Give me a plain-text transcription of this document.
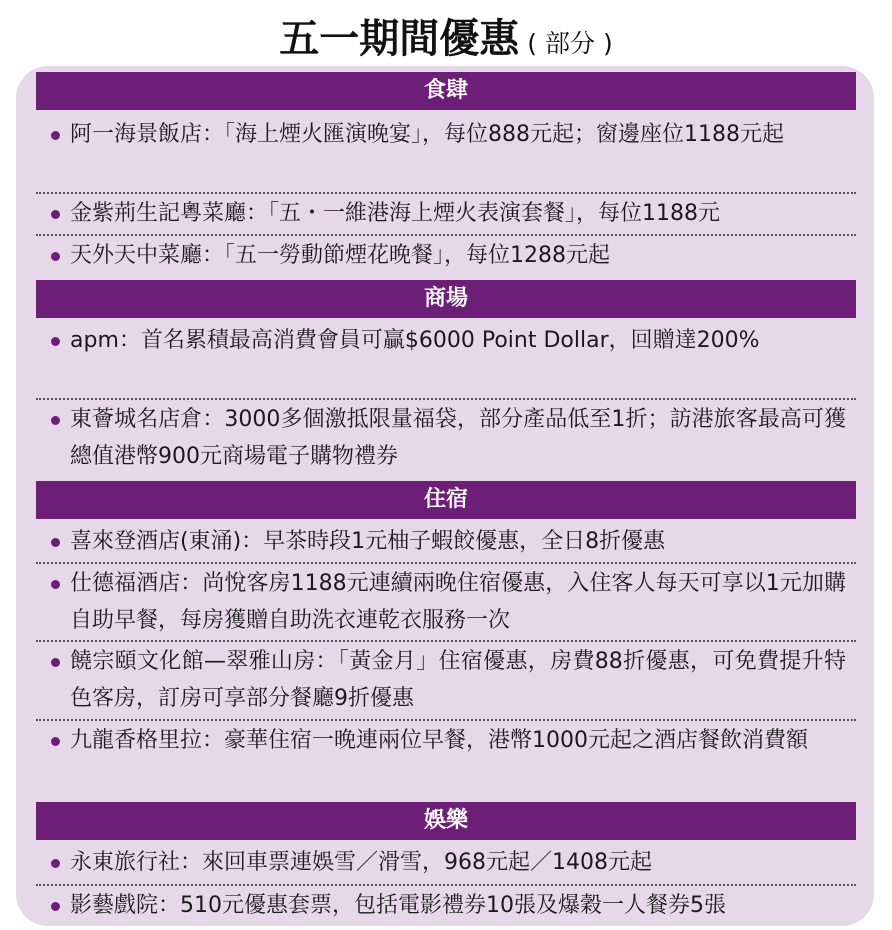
五一期間優惠 ( 部分 )
食肆
阿一海景飯店：「海上煙火匯演晚宴」，每位888元起；窗邊座位1188元起
金紫荊生記粵菜廳：「五・一維港海上煙火表演套餐」，每位1188元
天外天中菜廳：「五一勞動節煙花晚餐」，每位1288元起
商場
apm：首名累積最高消費會員可贏$6000 Point Dollar，回贈達200%
東薈城名店倉：3000多個激抵限量福袋，部分產品低至1折；訪港旅客最高可獲總值港幣900元商場電子購物禮券
住宿
喜來登酒店(東涌)：早茶時段1元柚子蝦餃優惠，全日8折優惠
仕德福酒店：尚悅客房1188元連續兩晚住宿優惠，入住客人每天可享以1元加購自助早餐，每房獲贈自助洗衣連乾衣服務一次
饒宗頤文化館—翠雅山房：「黃金月」住宿優惠，房費88折優惠，可免費提升特色客房，訂房可享部分餐廳9折優惠
九龍香格里拉：豪華住宿一晚連兩位早餐，港幣1000元起之酒店餐飲消費額
娛樂
永東旅行社：來回車票連娛雪／滑雪，968元起／1408元起
影藝戲院：510元優惠套票，包括電影禮券10張及爆穀一人餐券5張
